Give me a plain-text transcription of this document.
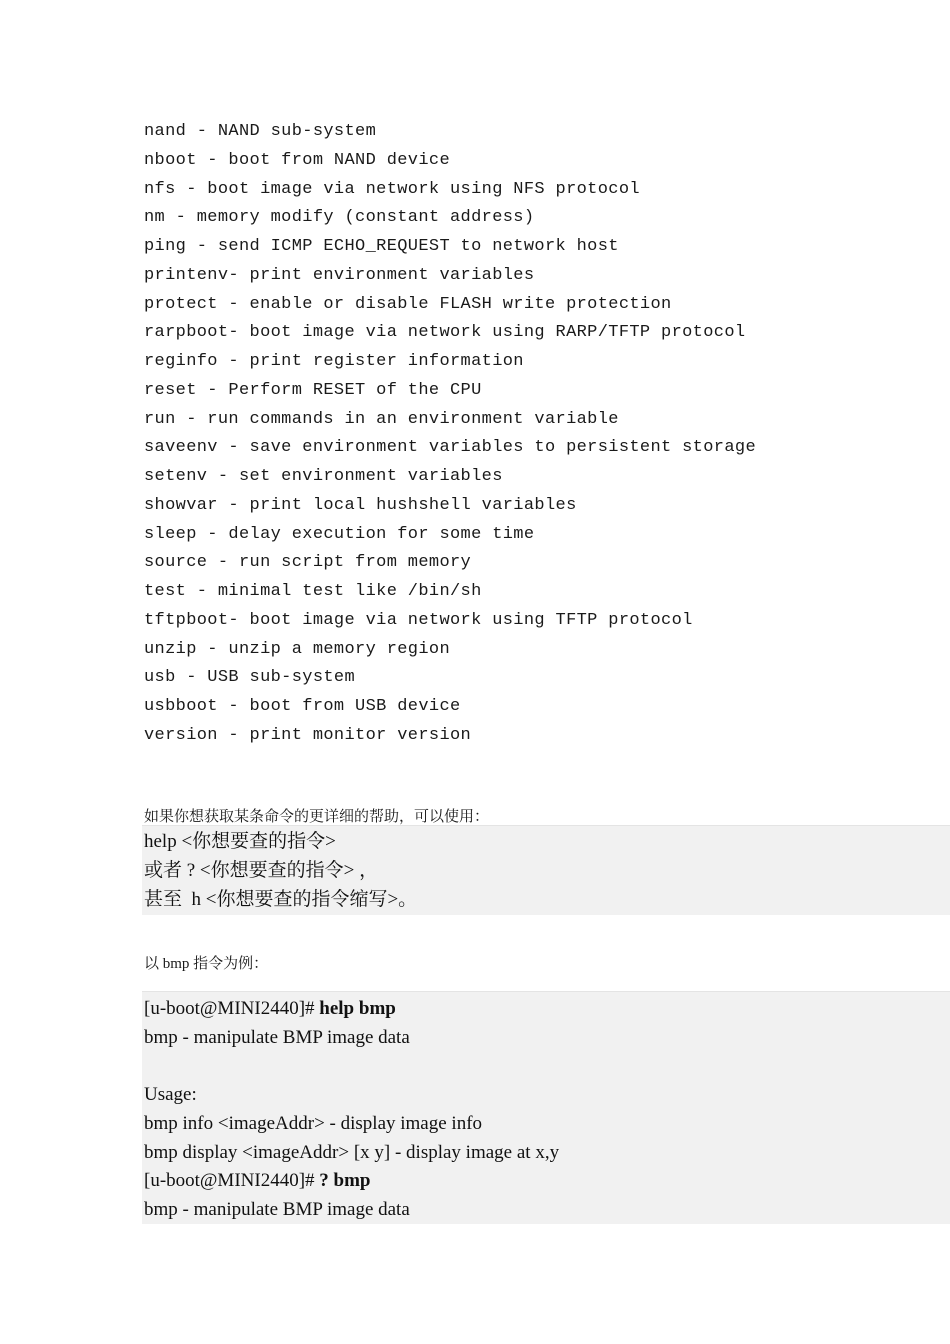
nand - NAND sub-system
nboot - boot from NAND device
nfs - boot image via network using NFS protocol
nm - memory modify (constant address)
ping - send ICMP ECHO_REQUEST to network host
printenv- print environment variables
protect - enable or disable FLASH write protection
rarpboot- boot image via network using RARP/TFTP protocol
reginfo - print register information
reset - Perform RESET of the CPU
run - run commands in an environment variable
saveenv - save environment variables to persistent storage
setenv - set environment variables
showvar - print local hushshell variables
sleep - delay execution for some time
source - run script from memory
test - minimal test like /bin/sh
tftpboot- boot image via network using TFTP protocol
unzip - unzip a memory region
usb - USB sub-system
usbboot - boot from USB device
version - print monitor version
如果你想获取某条命令的更详细的帮助，可以使用：
help <你想要查的指令>
或者 ? <你想要查的指令> ，
甚至  h <你想要查的指令缩写>。
以 bmp 指令为例：
[u-boot@MINI2440]# help bmp
bmp - manipulate BMP image data
Usage:
bmp info <imageAddr> - display image info
bmp display <imageAddr> [x y] - display image at x,y
[u-boot@MINI2440]# ? bmp
bmp - manipulate BMP image data
